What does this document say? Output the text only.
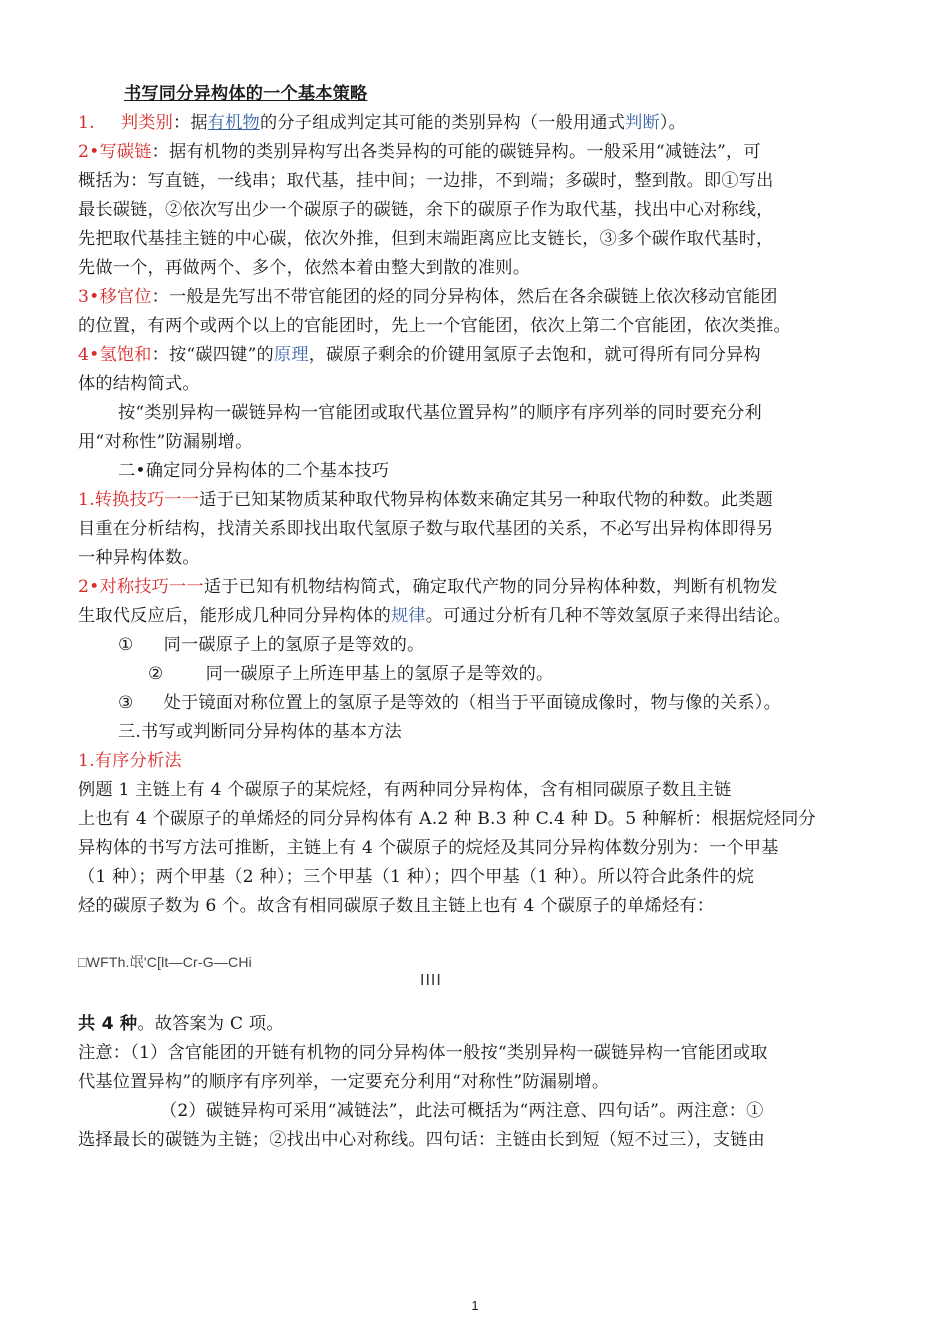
书写同分异构体的一个基本策略
1. 判类别：据有机物的分子组成判定其可能的类别异构（一般用通式判断）。
2•写碳链：据有机物的类别异构写出各类异构的可能的碳链异构。一般采用“减链法”，可
概括为：写直链，一线串；取代基，挂中间；一边排，不到端；多碳时，整到散。即①写出
最长碳链，②依次写出少一个碳原子的碳链，余下的碳原子作为取代基，找出中心对称线，
先把取代基挂主链的中心碳，依次外推，但到末端距离应比支链长，③多个碳作取代基时，
先做一个，再做两个、多个，依然本着由整大到散的准则。
3•移官位：一般是先写出不带官能团的烃的同分异构体，然后在各余碳链上依次移动官能团
的位置，有两个或两个以上的官能团时，先上一个官能团，依次上第二个官能团，依次类推。
4•氢饱和：按“碳四键”的原理，碳原子剩余的价键用氢原子去饱和，就可得所有同分异构
体的结构简式。
按“类别异构一碳链异构一官能团或取代基位置异构”的顺序有序列举的同时要充分利
用“对称性”防漏剔增。
二•确定同分异构体的二个基本技巧
1.转换技巧一一适于已知某物质某种取代物异构体数来确定其另一种取代物的种数。此类题
目重在分析结构，找清关系即找出取代氢原子数与取代基团的关系，不必写出异构体即得另
一种异构体数。
2•对称技巧一一适于已知有机物结构简式，确定取代产物的同分异构体种数，判断有机物发
生取代反应后，能形成几种同分异构体的规律。可通过分析有几种不等效氢原子来得出结论。
① 同一碳原子上的氢原子是等效的。
② 同一碳原子上所连甲基上的氢原子是等效的。
③ 处于镜面对称位置上的氢原子是等效的（相当于平面镜成像时，物与像的关系）。
三.书写或判断同分异构体的基本方法
1.有序分析法
例题 1 主链上有 4 个碳原子的某烷烃，有两种同分异构体，含有相同碳原子数且主链
上也有 4 个碳原子的单烯烃的同分异构体有 A.2 种 B.3 种 C.4 种 D。5 种解析：根据烷烃同分
异构体的书写方法可推断，主链上有 4 个碳原子的烷烃及其同分异构体数分别为：一个甲基
（1 种）；两个甲基（2 种）；三个甲基（1 种）；四个甲基（1 种）。所以符合此条件的烷
烃的碳原子数为 6 个。故含有相同碳原子数且主链上也有 4 个碳原子的单烯烃有：
□WFTh.氓'C[lt—Cr-G—CHi
IIII
共 4 种。故答案为 C 项。
注意：（1）含官能团的开链有机物的同分异构体一般按“类别异构一碳链异构一官能团或取
代基位置异构”的顺序有序列举，一定要充分利用“对称性”防漏剔增。
（2）碳链异构可采用“减链法”，此法可概括为“两注意、四句话”。两注意：①
选择最长的碳链为主链；②找出中心对称线。四句话：主链由长到短（短不过三），支链由
1
